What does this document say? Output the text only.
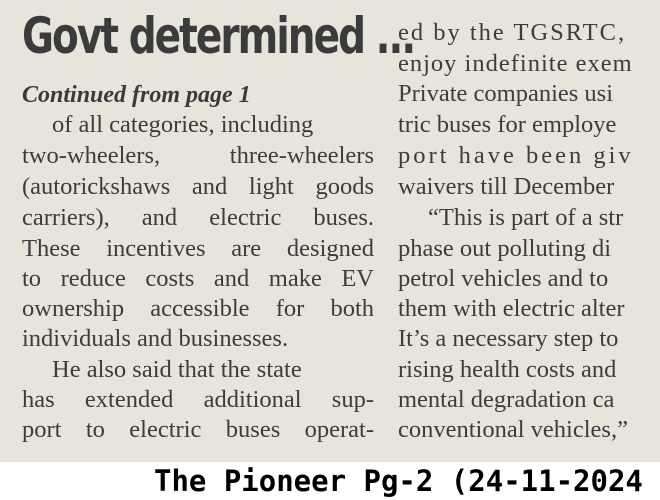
Govt determined ...

Continued from page 1

of all categories, including

two-wheelers, three-wheelers

(autorickshaws and light goods

carriers), and electric buses.

These incentives are designed

to reduce costs and make EV

ownership accessible for both

individuals and businesses.

He also said that the state

has extended additional sup-

port to electric buses operat-

ed by the TGSRTC,

enjoy indefinite exem

Private companies usi

tric buses for employe

port have been giv

waivers till December

“This is part of a str

phase out polluting di

petrol vehicles and to

them with electric alter

It’s a necessary step to

rising health costs and

mental degradation ca

conventional vehicles,”

The Pioneer Pg-2 (24-11-2024
